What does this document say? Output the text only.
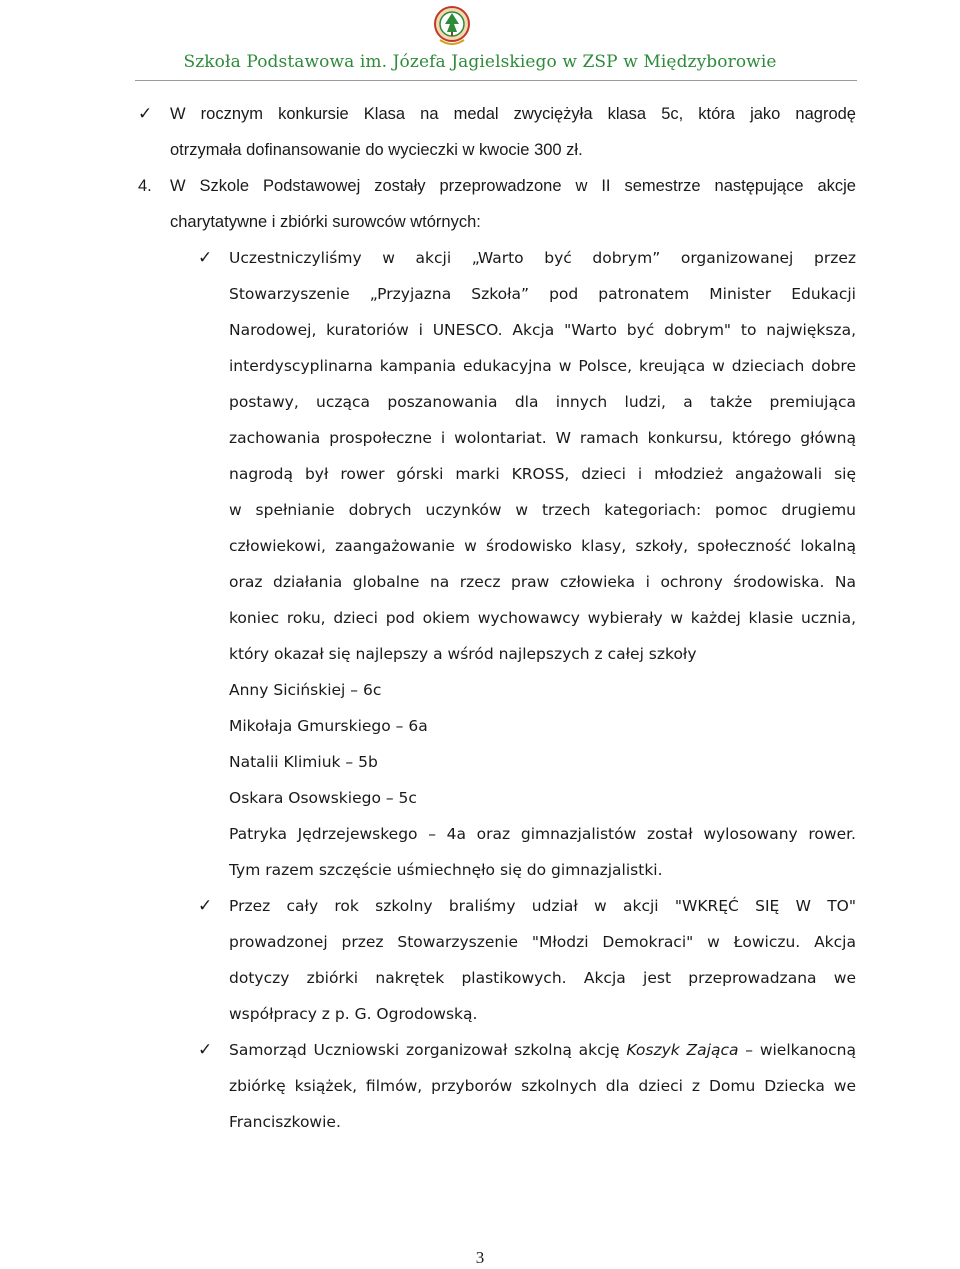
Szkoła Podstawowa im. Józefa Jagielskiego w ZSP w Międzyborowie
✓ W rocznym konkursie Klasa na medal zwyciężyła klasa 5c, która jako nagrodę
otrzymała dofinansowanie do wycieczki w kwocie 300 zł.
4. W Szkole Podstawowej zostały przeprowadzone w II semestrze następujące akcje
charytatywne i zbiórki surowców wtórnych:
✓ Uczestniczyliśmy w akcji „Warto być dobrym” organizowanej przez
Stowarzyszenie „Przyjazna Szkoła” pod patronatem Minister Edukacji
Narodowej, kuratoriów i UNESCO. Akcja "Warto być dobrym" to największa,
interdyscyplinarna kampania edukacyjna w Polsce, kreująca w dzieciach dobre
postawy, ucząca poszanowania dla innych ludzi, a także premiująca
zachowania prospołeczne i wolontariat. W ramach konkursu, którego główną
nagrodą był rower górski marki KROSS, dzieci i młodzież angażowali się
w spełnianie dobrych uczynków w trzech kategoriach: pomoc drugiemu
człowiekowi, zaangażowanie w środowisko klasy, szkoły, społeczność lokalną
oraz działania globalne na rzecz praw człowieka i ochrony środowiska. Na
koniec roku, dzieci pod okiem wychowawcy wybierały w każdej klasie ucznia,
który okazał się najlepszy a wśród najlepszych z całej szkoły
Anny Sicińskiej – 6c
Mikołaja Gmurskiego – 6a
Natalii Klimiuk – 5b
Oskara Osowskiego – 5c
Patryka Jędrzejewskego – 4a oraz gimnazjalistów został wylosowany rower.
Tym razem szczęście uśmiechnęło się do gimnazjalistki.
✓ Przez cały rok szkolny braliśmy udział w akcji "WKRĘĆ SIĘ W TO"
prowadzonej przez Stowarzyszenie "Młodzi Demokraci" w Łowiczu. Akcja
dotyczy zbiórki nakrętek plastikowych. Akcja jest przeprowadzana we
współpracy z p. G. Ogrodowską.
✓ Samorząd Uczniowski zorganizował szkolną akcję Koszyk Zająca – wielkanocną
zbiórkę książek, filmów, przyborów szkolnych dla dzieci z Domu Dziecka we
Franciszkowie.
3
